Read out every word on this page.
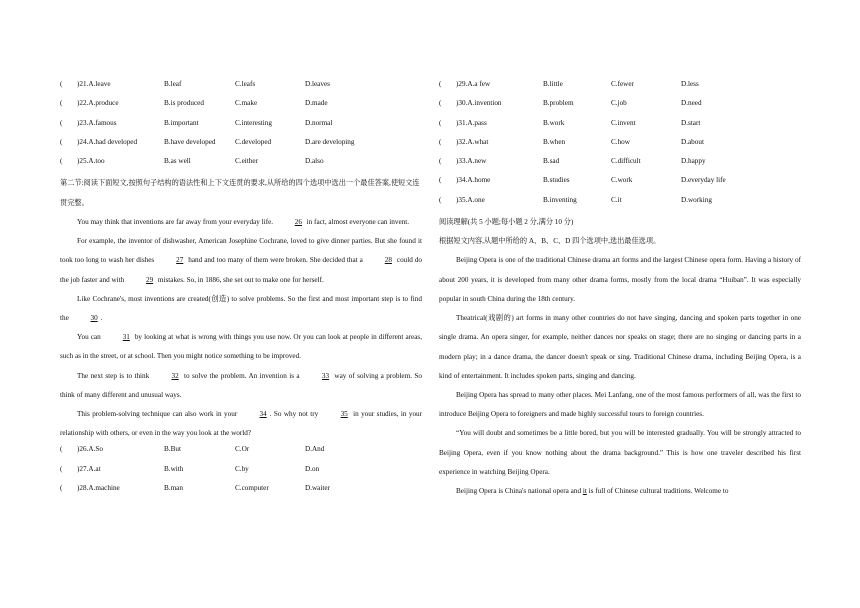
( )21.A.leave	B.leaf	C.leafs	D.leaves
( )22.A.produce	B.is produced	C.make	D.made
( )23.A.famous	B.important	C.interesting	D.normal
( )24.A.had developed	B.have developed	C.developed	D.are developing
( )25.A.too	B.as well	C.either	D.also

第二节:阅读下面短文,按照句子结构的语法性和上下文连贯的要求,从所给的四个选项中选出一个最佳答案,使短文连贯完整。

You may think that inventions are far away from your everyday life.	26 in fact, almost everyone can invent.

For example, the inventor of dishwasher, American Josephine Cochrane, loved to give dinner parties. But she found it took too long to wash her dishes	27 hand and too many of them were broken. She decided that a	28 could do the job faster and with	29 mistakes. So, in 1886, she set out to make one for herself.

Like Cochrane's, most inventions are created(创造) to solve problems. So the first and most important step is to find the	30 .

You can	31 by looking at what is wrong with things you use now. Or you can look at people in different areas, such as in the street, or at school. Then you might notice something to be improved.

The next step is to think	32 to solve the problem. An invention is a	33 way of solving a problem. So think of many different and unusual ways.

This problem-solving technique can also work in your	34 . So why not try	35 in your studies, in your relationship with others, or even in the way you look at the world?

( )26.A.So	B.But	C.Or	D.And
( )27.A.at	B.with	C.by	D.on
( )28.A.machine	B.man	C.computer	D.waiter
( )29.A.a few	B.little	C.fewer	D.less
( )30.A.invention	B.problem	C.job	D.need
( )31.A.pass	B.work	C.invent	D.start
( )32.A.what	B.when	C.how	D.about
( )33.A.new	B.sad	C.difficult	D.happy
( )34.A.home	B.studies	C.work	D.everyday life
( )35.A.one	B.inventing	C.it	D.working

阅读理解(共 5 小题;每小题 2 分,满分 10 分)

根据短文内容,从题中所给的 A、B、C、D 四个选项中,选出最佳选项。

Beijing Opera is one of the traditional Chinese drama art forms and the largest Chinese opera form. Having a history of about 200 years, it is developed from many other drama forms, mostly from the local drama “Huiban”. It was especially popular in south China during the 18th century.

Theatrical(戏剧的) art forms in many other countries do not have singing, dancing and spoken parts together in one single drama. An opera singer, for example, neither dances nor speaks on stage; there are no singing or dancing parts in a modern play; in a dance drama, the dancer doesn't speak or sing. Traditional Chinese drama, including Beijing Opera, is a kind of entertainment. It includes spoken parts, singing and dancing.

Beijing Opera has spread to many other places. Mei Lanfang, one of the most famous performers of all, was the first to introduce Beijing Opera to foreigners and made highly successful tours to foreign countries.

“You will doubt and sometimes be a little bored, but you will be interested gradually. You will be strongly attracted to Beijing Opera, even if you know nothing about the drama background.” This is how one traveler described his first experience in watching Beijing Opera.

Beijing Opera is China's national opera and it is full of Chinese cultural traditions. Welcome to
